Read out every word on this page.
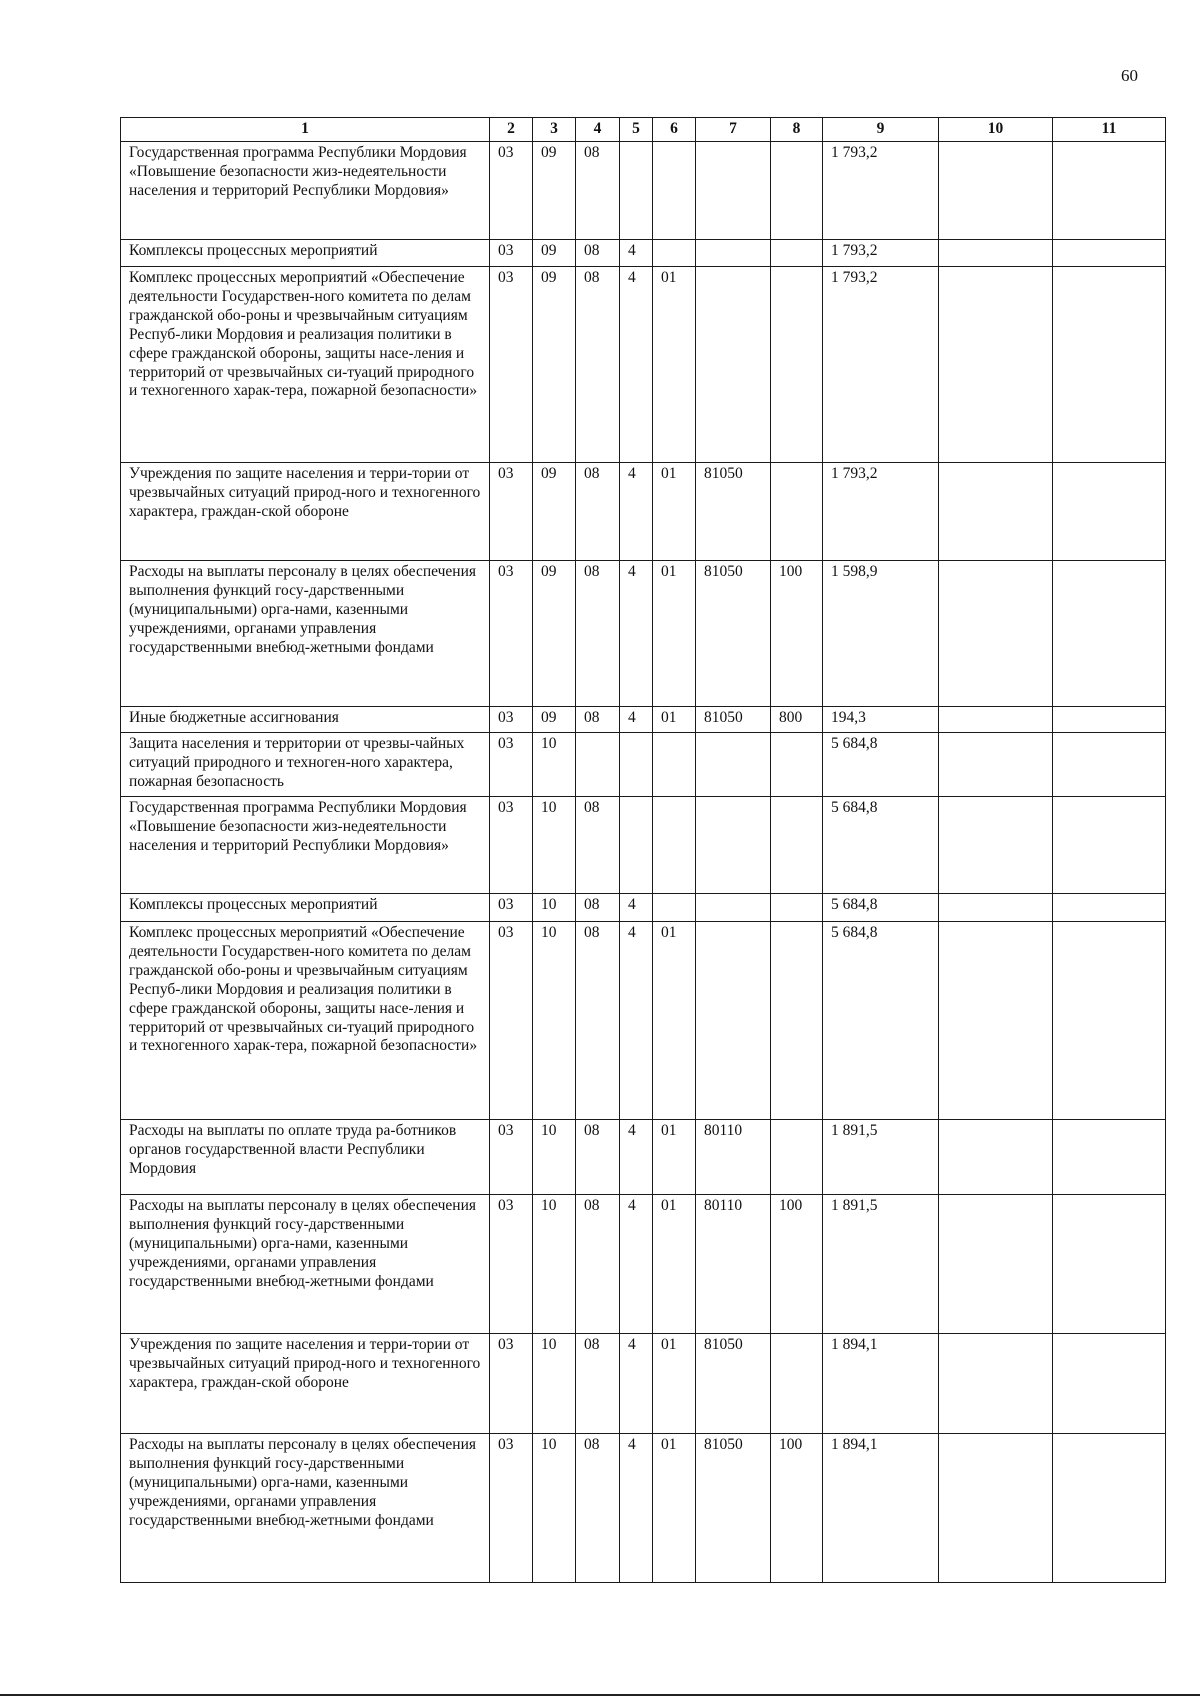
60
1	2	3	4	5	6	7	8	9	10	11
Государственная программа Республики Мордовия «Повышение безопасности жиз-недеятельности населения и территорий Республики Мордовия»	03	09	08					1 793,2		
Комплексы процессных мероприятий	03	09	08	4				1 793,2		
Комплекс процессных мероприятий «Обеспечение деятельности Государствен-ного комитета по делам гражданской обо-роны и чрезвычайным ситуациям Респуб-лики Мордовия и реализация политики в сфере гражданской обороны, защиты насе-ления и территорий от чрезвычайных си-туаций природного и техногенного харак-тера, пожарной безопасности»	03	09	08	4	01			1 793,2		
Учреждения по защите населения и терри-тории от чрезвычайных ситуаций природ-ного и техногенного характера, граждан-ской обороне	03	09	08	4	01	81050		1 793,2		
Расходы на выплаты персоналу в целях обеспечения выполнения функций госу-дарственными (муниципальными) орга-нами, казенными учреждениями, органами управления государственными внебюд-жетными фондами	03	09	08	4	01	81050	100	1 598,9		
Иные бюджетные ассигнования	03	09	08	4	01	81050	800	194,3		
Защита населения и территории от чрезвы-чайных ситуаций природного и техноген-ного характера, пожарная безопасность	03	10						5 684,8		
Государственная программа Республики Мордовия «Повышение безопасности жиз-недеятельности населения и территорий Республики Мордовия»	03	10	08					5 684,8		
Комплексы процессных мероприятий	03	10	08	4				5 684,8		
Комплекс процессных мероприятий «Обеспечение деятельности Государствен-ного комитета по делам гражданской обо-роны и чрезвычайным ситуациям Респуб-лики Мордовия и реализация политики в сфере гражданской обороны, защиты насе-ления и территорий от чрезвычайных си-туаций природного и техногенного харак-тера, пожарной безопасности»	03	10	08	4	01			5 684,8		
Расходы на выплаты по оплате труда ра-ботников органов государственной власти Республики Мордовия	03	10	08	4	01	80110		1 891,5		
Расходы на выплаты персоналу в целях обеспечения выполнения функций госу-дарственными (муниципальными) орга-нами, казенными учреждениями, органами управления государственными внебюд-жетными фондами	03	10	08	4	01	80110	100	1 891,5		
Учреждения по защите населения и терри-тории от чрезвычайных ситуаций природ-ного и техногенного характера, граждан-ской обороне	03	10	08	4	01	81050		1 894,1		
Расходы на выплаты персоналу в целях обеспечения выполнения функций госу-дарственными (муниципальными) орга-нами, казенными учреждениями, органами управления государственными внебюд-жетными фондами	03	10	08	4	01	81050	100	1 894,1		
